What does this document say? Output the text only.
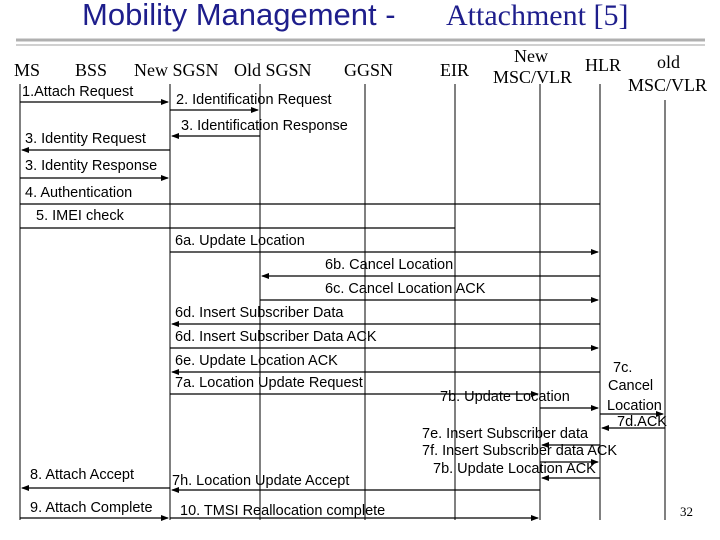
Mobility Management - Attachment [5]
MS BSS New SGSN Old SGSN GGSN	EIR
New
MSC/VLR
HLR old
MSC/VLR
1.Attach Request	2. Identification Request
3. Identification Response
3. Identity Request
3. Identity Response
4. Authentication
5. IMEI check
6a. Update Location
6b. Cancel Location
6c. Cancel Location ACK
6d. Insert Subscriber Data
6d. Insert Subscriber Data ACK
6e. Update Location ACK
7a. Location Update Request
7b. Update Location
7c.
Cancel
Location
7d.ACK
7e. Insert Subscriber data
7f. Insert Subscriber data ACK
7b. Update Location ACK
8. Attach Accept	7h. Location Update Accept
9. Attach Complete 10. TMSI Reallocation complete	32
